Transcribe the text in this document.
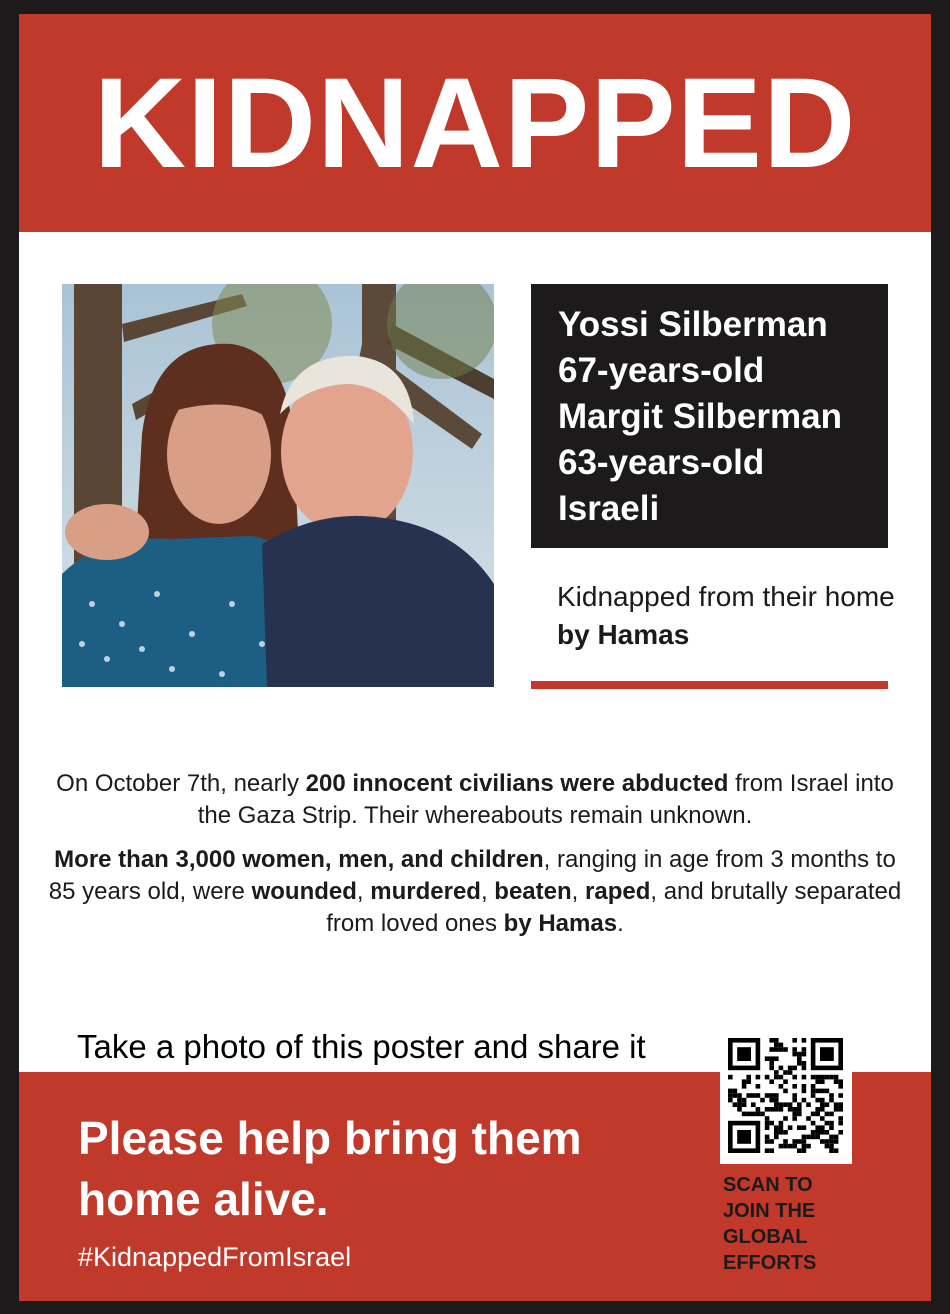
KIDNAPPED
Yossi Silberman
67-years-old
Margit Silberman
63-years-old
Israeli
Kidnapped from their home by Hamas
On October 7th, nearly 200 innocent civilians were abducted from Israel into the Gaza Strip. Their whereabouts remain unknown.
More than 3,000 women, men, and children, ranging in age from 3 months to 85 years old, were wounded, murdered, beaten, raped, and brutally separated from loved ones by Hamas.
Take a photo of this poster and share it
Please help bring them home alive.
#KidnappedFromIsrael
SCAN TO
JOIN THE
GLOBAL
EFFORTS
